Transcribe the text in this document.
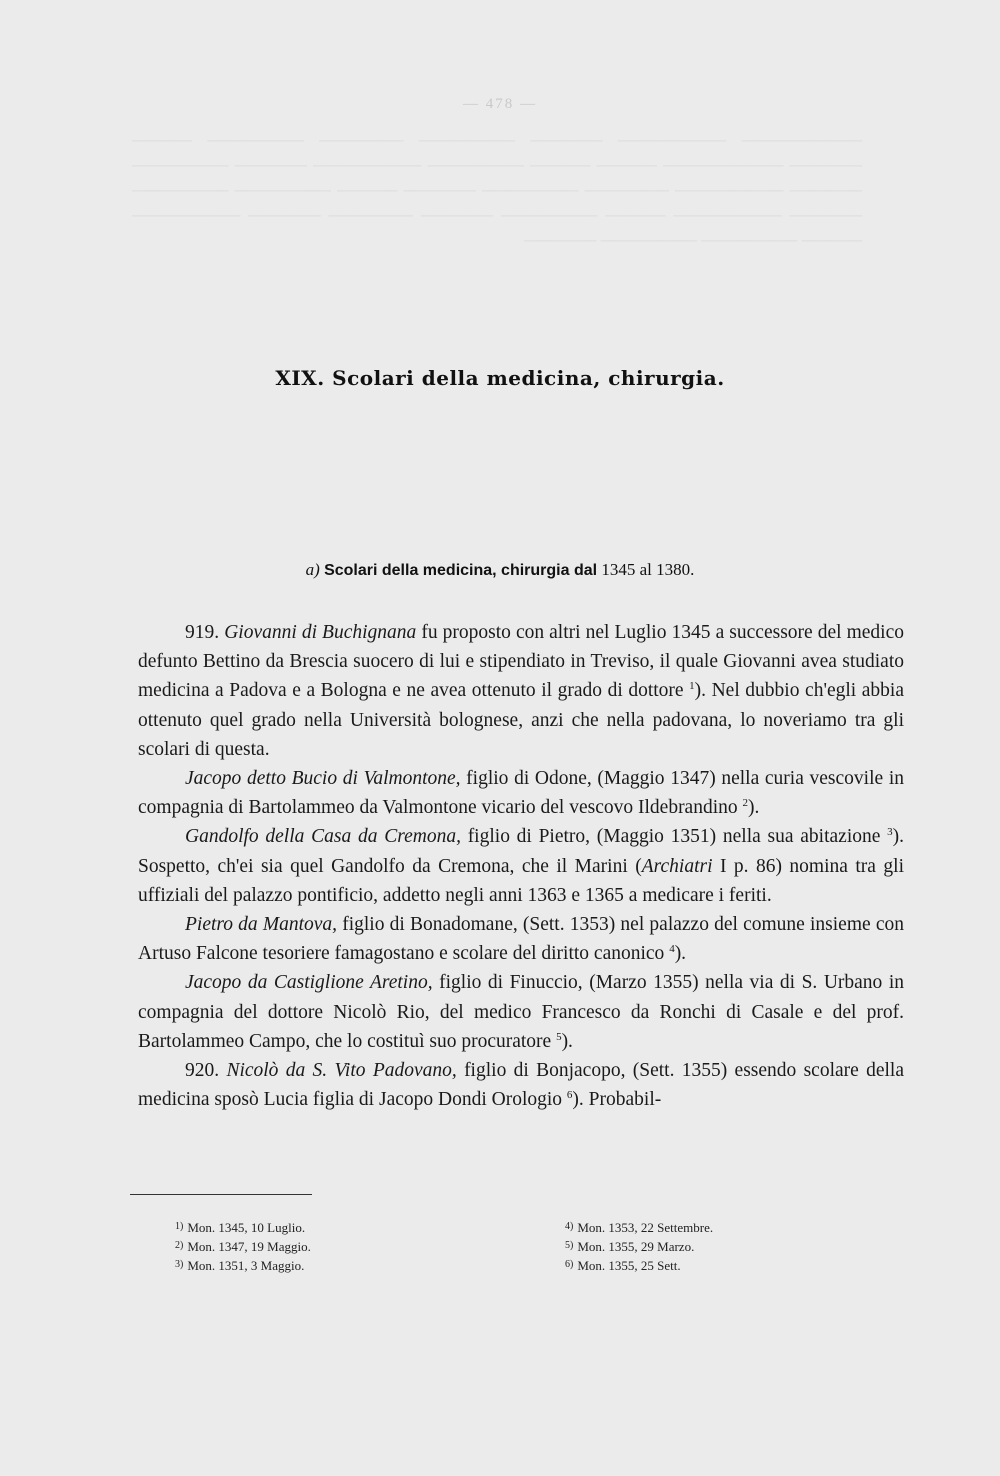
— 478 —
────────── ───────── ────── ──────── ─────── ──────── ───── ────── ────────── ───── ───── ──────── ───────── ────── ──────── ────── ───────── ─────── ──────── ────── ───── ──────── ──────── ────── ───────── ───── ──────── ────── ─────── ────── ───────── ───── ──────── ──────── ──────
XIX. Scolari della medicina, chirurgia.
a) Scolari della medicina, chirurgia dal 1345 al 1380.

919. Giovanni di Buchignana fu proposto con altri nel Luglio 1345 a successore del medico defunto Bettino da Brescia suocero di lui e stipendiato in Treviso, il quale Giovanni avea studiato medicina a Padova e a Bologna e ne avea ottenuto il grado di dottore $^1$). Nel dubbio ch'egli abbia ottenuto quel grado nella Università bolognese, anzi che nella padovana, lo noveriamo tra gli scolari di questa.

Jacopo detto Bucio di Valmontone, figlio di Odone, (Maggio 1347) nella curia vescovile in compagnia di Bartolammeo da Valmontone vicario del vescovo Ildebrandino $^2$).

Gandolfo della Casa da Cremona, figlio di Pietro, (Maggio 1351) nella sua abitazione $^3$). Sospetto, ch'ei sia quel Gandolfo da Cremona, che il Marini (Archiatri I p. 86) nomina tra gli uffiziali del palazzo pontificio, addetto negli anni 1363 e 1365 a medicare i feriti.

Pietro da Mantova, figlio di Bonadomane, (Sett. 1353) nel palazzo del comune insieme con Artuso Falcone tesoriere famagostano e scolare del diritto canonico $^4$).

Jacopo da Castiglione Aretino, figlio di Finuccio, (Marzo 1355) nella via di S. Urbano in compagnia del dottore Nicolò Rio, del medico Francesco da Ronchi di Casale e del prof. Bartolammeo Campo, che lo costituì suo procuratore $^5$).

920. Nicolò da S. Vito Padovano, figlio di Bonjacopo, (Sett. 1355) essendo scolare della medicina sposò Lucia figlia di Jacopo Dondi Orologio $^6$). Probabil-

$^{1)}$ Mon. 1345, 10 Luglio.
$^{2)}$ Mon. 1347, 19 Maggio.
$^{3)}$ Mon. 1351, 3 Maggio.
$^{4)}$ Mon. 1353, 22 Settembre.
$^{5)}$ Mon. 1355, 29 Marzo.
$^{6)}$ Mon. 1355, 25 Sett.
